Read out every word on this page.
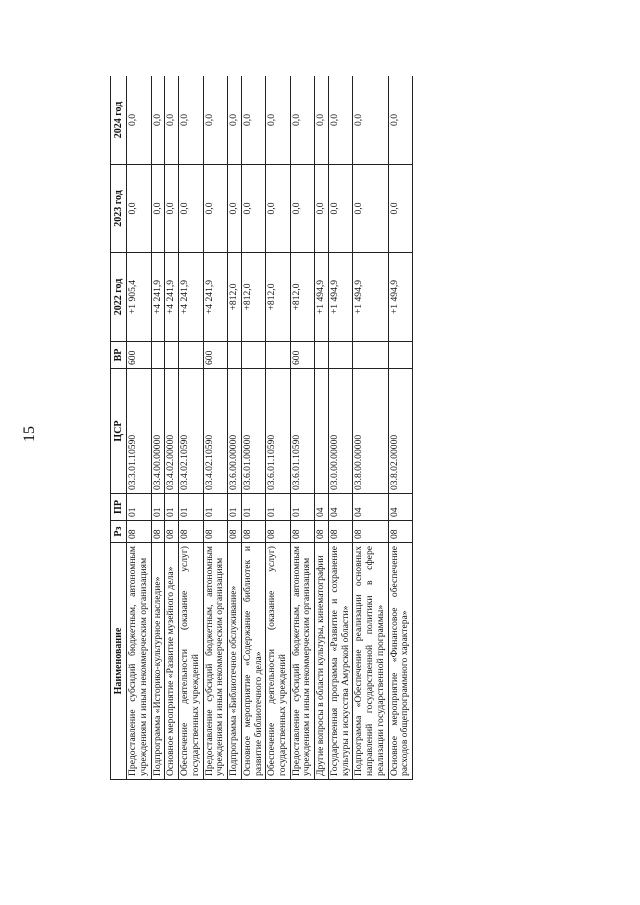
15
Наименование	Рз	ПР	ЦСР	ВР	2022 год	2023 год	2024 год
Предоставление субсидий бюджетным, автономным учреждениям и иным некоммерческим организациям	08	01	03.3.01.10590	600	+1 905,4	0,0	0,0
Подпрограмма «Историко-культурное наследие»	08	01	03.4.00.00000		+4 241,9	0,0	0,0
Основное мероприятие «Развитие музейного дела»	08	01	03.4.02.00000		+4 241,9	0,0	0,0
Обеспечение деятельности (оказание услуг) государственных учреждений	08	01	03.4.02.10590		+4 241,9	0,0	0,0
Предоставление субсидий бюджетным, автономным учреждениям и иным некоммерческим организациям	08	01	03.4.02.10590	600	+4 241,9	0,0	0,0
Подпрограмма «Библиотечное обслуживание»	08	01	03.6.00.00000		+812,0	0,0	0,0
Основное мероприятие «Содержание библиотек и развитие библиотечного дела»	08	01	03.6.01.00000		+812,0	0,0	0,0
Обеспечение деятельности (оказание услуг) государственных учреждений	08	01	03.6.01.10590		+812,0	0,0	0,0
Предоставление субсидий бюджетным, автономным учреждениям и иным некоммерческим организациям	08	01	03.6.01.10590	600	+812,0	0,0	0,0
Другие вопросы в области культуры, кинематографии	08	04			+1 494,9	0,0	0,0
Государственная программа «Развитие и сохранение культуры и искусства Амурской области»	08	04	03.0.00.00000		+1 494,9	0,0	0,0
Подпрограмма «Обеспечение реализации основных направлений государственной политики в сфере реализации государственной программы»	08	04	03.8.00.00000		+1 494,9	0,0	0,0
Основное мероприятие «Финансовое обеспечение расходов общепрограммного характера»	08	04	03.8.02.00000		+1 494,9	0,0	0,0
